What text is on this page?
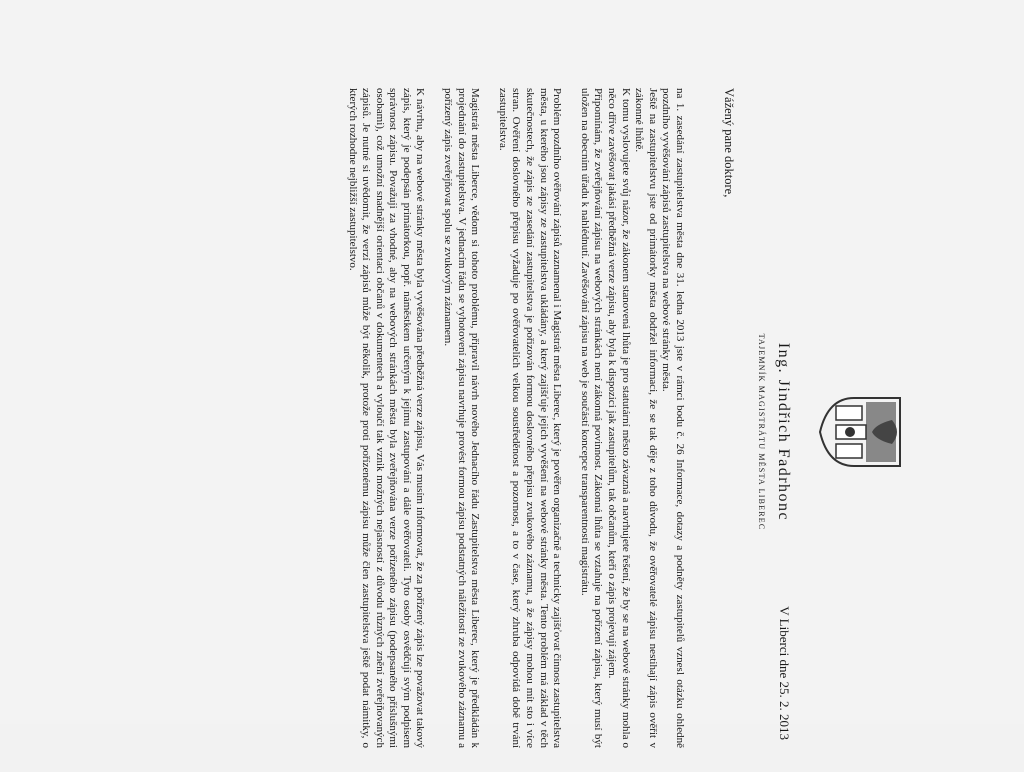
Ing. Jindřich Fadrhonc
TAJEMNÍK MAGISTRÁTU MĚSTA LIBEREC
V Liberci dne 25. 2. 2013
Vážený pane doktore,

na 1. zasedání zastupitelstva města dne 31. ledna 2013 jste v rámci bodu č. 26 Informace, dotazy a podněty zastupitelů vznesl otázku ohledně pozdního vyvěšování zápisů zastupitelstva na webové stránky města.
Ještě na zastupitelstvu jste od primátorky města obdržel informaci, že se tak děje z toho důvodu, že ověřovatelé zápisu nestihají zápis ověřit v zákonné lhůtě.
K tomu vyslovujete svůj názor, že zákonem stanovená lhůta je pro statutární město závazná a navrhujete řešení, že by se na webové stránky mohla o něco dříve zavěšovat jakási předběžná verze zápisu, aby byla k dispozici jak zastupitelům, tak občanům, kteří o zápis projevují zájem.
Připomínám, že zveřejňování zápisu na webových stránkách není zákonná povinnost. Zákonná lhůta se vztahuje na pořízení zápisu, který musí být uložen na obecním úřadu k nahlédnutí. Zavěšování zápisu na web je součástí koncepce transparentnosti magistrátu.

Problém pozdního ověřování zápisů zaznamenal i Magistrát města Liberec, který je pověřen organizačně a technicky zajišťovat činnost zastupitelstva města, u kterého jsou zápisy ze zastupitelstva ukládány, a který zajišťuje jejich vyvěšení na webové stránky města. Tento problém má základ v těch skutečnostech, že zápis ze zasedání zastupitelstva je pořizován formou doslovného přepisu zvukového záznamu, a že zápisy mohou mít sto i více stran. Ověření doslovného přepisu vyžaduje po ověřovatelích velkou soustředěnost a pozornost, a to v čase, který zhruba odpovídá době trvání zastupitelstva.

Magistrát města Liberce, vědom si tohoto problému, připravil návrh nového Jednacího řádu Zastupitelstva města Liberec, který je předkládán k projednání do zastupitelstva. V jednacím řádu se vyhotovení zápisu navrhuje provést formou zápisu podstatných náležitostí ze zvukového záznamu a pořízený zápis zveřejňovat spolu se zvukovým záznamem.

K návrhu, aby na webové stránky města byla vyvěšována předběžná verze zápisu, Vás musím informovat, že za pořízený zápis lze považovat takový zápis, který je podepsán primátorkou, popř. náměstkem určeným k jejímu zastupování a dále ověřovateli. Tyto osoby osvědčují svým podpisem správnost zápisu. Považuji za vhodné, aby na webových stránkách města byla zveřejňována verze pořízeného zápisu (podepsaného příslušnými osobami), což umožní snadnější orientaci občanů v dokumentech a vyloučí tak vznik možných nejasností z důvodu různých znění zveřejňovaných zápisů. Je nutné si uvědomit, že verzí zápisů může být několik, protože proti pořízenému zápisu může člen zastupitelstva ještě podat námitky, o kterých rozhodne nejbližší zastupitelstvo.
